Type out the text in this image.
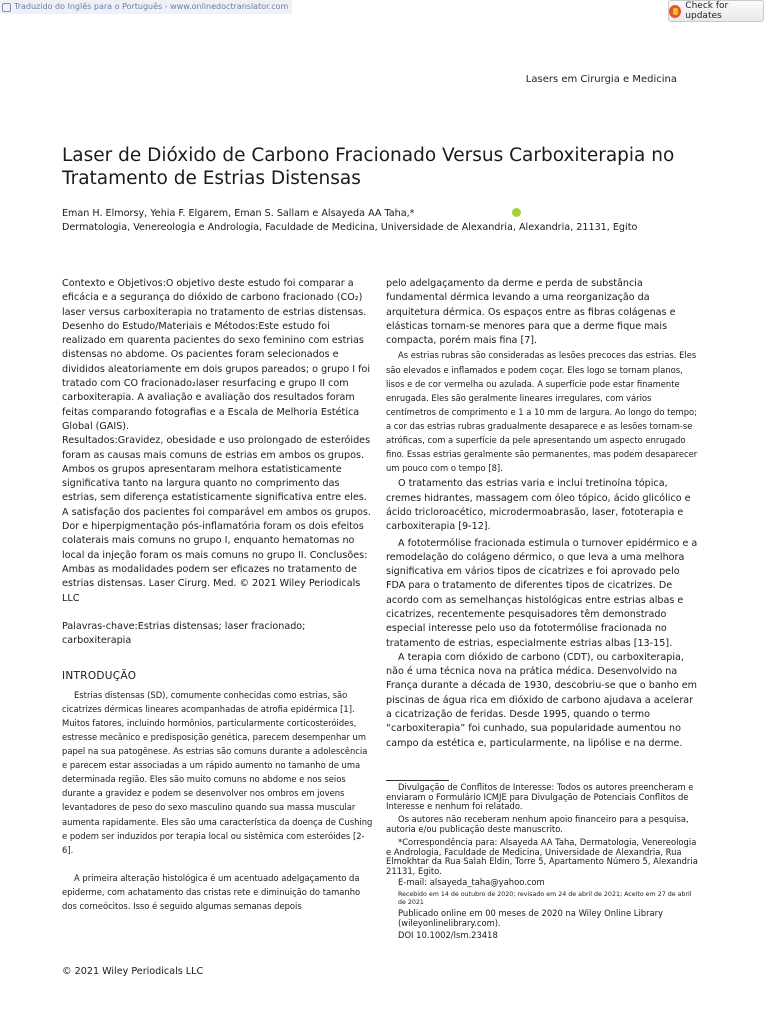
Traduzido do Inglês para o Português - www.onlinedoctranslator.com	Check for updates
Lasers em Cirurgia e Medicina
Laser de Dióxido de Carbono Fracionado Versus Carboxiterapia no Tratamento de Estrias Distensas
Eman H. Elmorsy, Yehia F. Elgarem, Eman S. Sallam e Alsayeda AA Taha,*
Dermatologia, Venereologia e Andrologia, Faculdade de Medicina, Universidade de Alexandria, Alexandria, 21131, Egito

Contexto e Objetivos:O objetivo deste estudo foi comparar a eficácia e a segurança do dióxido de carbono fracionado (CO₂) laser versus carboxiterapia no tratamento de estrias distensas.

Desenho do Estudo/Materiais e Métodos:Este estudo foi realizado em quarenta pacientes do sexo feminino com estrias distensas no abdome. Os pacientes foram selecionados e divididos aleatoriamente em dois grupos pareados; o grupo I foi tratado com CO fracionado₂laser resurfacing e grupo II com carboxiterapia. A avaliação e avaliação dos resultados foram feitas comparando fotografias e a Escala de Melhoria Estética Global (GAIS).

Resultados:Gravidez, obesidade e uso prolongado de esteróides foram as causas mais comuns de estrias em ambos os grupos. Ambos os grupos apresentaram melhora estatisticamente significativa tanto na largura quanto no comprimento das estrias, sem diferença estatisticamente significativa entre eles. A satisfação dos pacientes foi comparável em ambos os grupos. Dor e hiperpigmentação pós-inflamatória foram os dois efeitos colaterais mais comuns no grupo I, enquanto hematomas no local da injeção foram os mais comuns no grupo II. Conclusões: Ambas as modalidades podem ser eficazes no tratamento de estrias distensas. Laser Cirurg. Med. © 2021 Wiley Periodicals LLC

Palavras-chave:Estrias distensas; laser fracionado; carboxiterapia

INTRODUÇÃO

Estrias distensas (SD), comumente conhecidas como estrias, são cicatrizes dérmicas lineares acompanhadas de atrofia epidérmica [1]. Muitos fatores, incluindo hormônios, particularmente corticosteróides, estresse mecânico e predisposição genética, parecem desempenhar um papel na sua patogênese. As estrias são comuns durante a adolescência e parecem estar associadas a um rápido aumento no tamanho de uma determinada região. Eles são muito comuns no abdome e nos seios durante a gravidez e podem se desenvolver nos ombros em jovens levantadores de peso do sexo masculino quando sua massa muscular aumenta rapidamente. Eles são uma característica da doença de Cushing e podem ser induzidos por terapia local ou sistêmica com esteróides [2-6].

A primeira alteração histológica é um acentuado adelgaçamento da epiderme, com achatamento das cristas rete e diminuição do tamanho dos corneócitos. Isso é seguido algumas semanas depois

pelo adelgaçamento da derme e perda de substância fundamental dérmica levando a uma reorganização da arquitetura dérmica. Os espaços entre as fibras colágenas e elásticas tornam-se menores para que a derme fique mais compacta, porém mais fina [7].

As estrias rubras são consideradas as lesões precoces das estrias. Eles são elevados e inflamados e podem coçar. Eles logo se tornam planos, lisos e de cor vermelha ou azulada. A superfície pode estar finamente enrugada. Eles são geralmente lineares irregulares, com vários centímetros de comprimento e 1 a 10 mm de largura. Ao longo do tempo; a cor das estrias rubras gradualmente desaparece e as lesões tornam-se atróficas, com a superfície da pele apresentando um aspecto enrugado fino. Essas estrias geralmente são permanentes, mas podem desaparecer um pouco com o tempo [8].

O tratamento das estrias varia e inclui tretinoína tópica, cremes hidrantes, massagem com óleo tópico, ácido glicólico e ácido tricloroacético, microdermoabrasão, laser, fototerapia e carboxiterapia [9-12].

A fototermólise fracionada estimula o turnover epidérmico e a remodelação do colágeno dérmico, o que leva a uma melhora significativa em vários tipos de cicatrizes e foi aprovado pelo FDA para o tratamento de diferentes tipos de cicatrizes. De acordo com as semelhanças histológicas entre estrias albas e cicatrizes, recentemente pesquisadores têm demonstrado especial interesse pelo uso da fototermólise fracionada no tratamento de estrias, especialmente estrias albas [13-15].

A terapia com dióxido de carbono (CDT), ou carboxiterapia, não é uma técnica nova na prática médica. Desenvolvido na França durante a década de 1930, descobriu-se que o banho em piscinas de água rica em dióxido de carbono ajudava a acelerar a cicatrização de feridas. Desde 1995, quando o termo “carboxiterapia” foi cunhado, sua popularidade aumentou no campo da estética e, particularmente, na lipólise e na derme.

Divulgação de Conflitos de Interesse: Todos os autores preencheram e enviaram o Formulário ICMJE para Divulgação de Potenciais Conflitos de Interesse e nenhum foi relatado.
Os autores não receberam nenhum apoio financeiro para a pesquisa, autoria e/ou publicação deste manuscrito.
*Correspondência para: Alsayeda AA Taha, Dermatologia, Venereologia e Andrologia, Faculdade de Medicina, Universidade de Alexandria, Rua Elmokhtar da Rua Salah Eldin, Torre 5, Apartamento Número 5, Alexandria 21131, Egito.
E-mail: alsayeda_taha@yahoo.com
Recebido em 14 de outubro de 2020; revisado em 24 de abril de 2021; Aceito em 27 de abril de 2021
Publicado online em 00 meses de 2020 na Wiley Online Library (wileyonlinelibrary.com).
DOI 10.1002/lsm.23418
© 2021 Wiley Periodicals LLC
